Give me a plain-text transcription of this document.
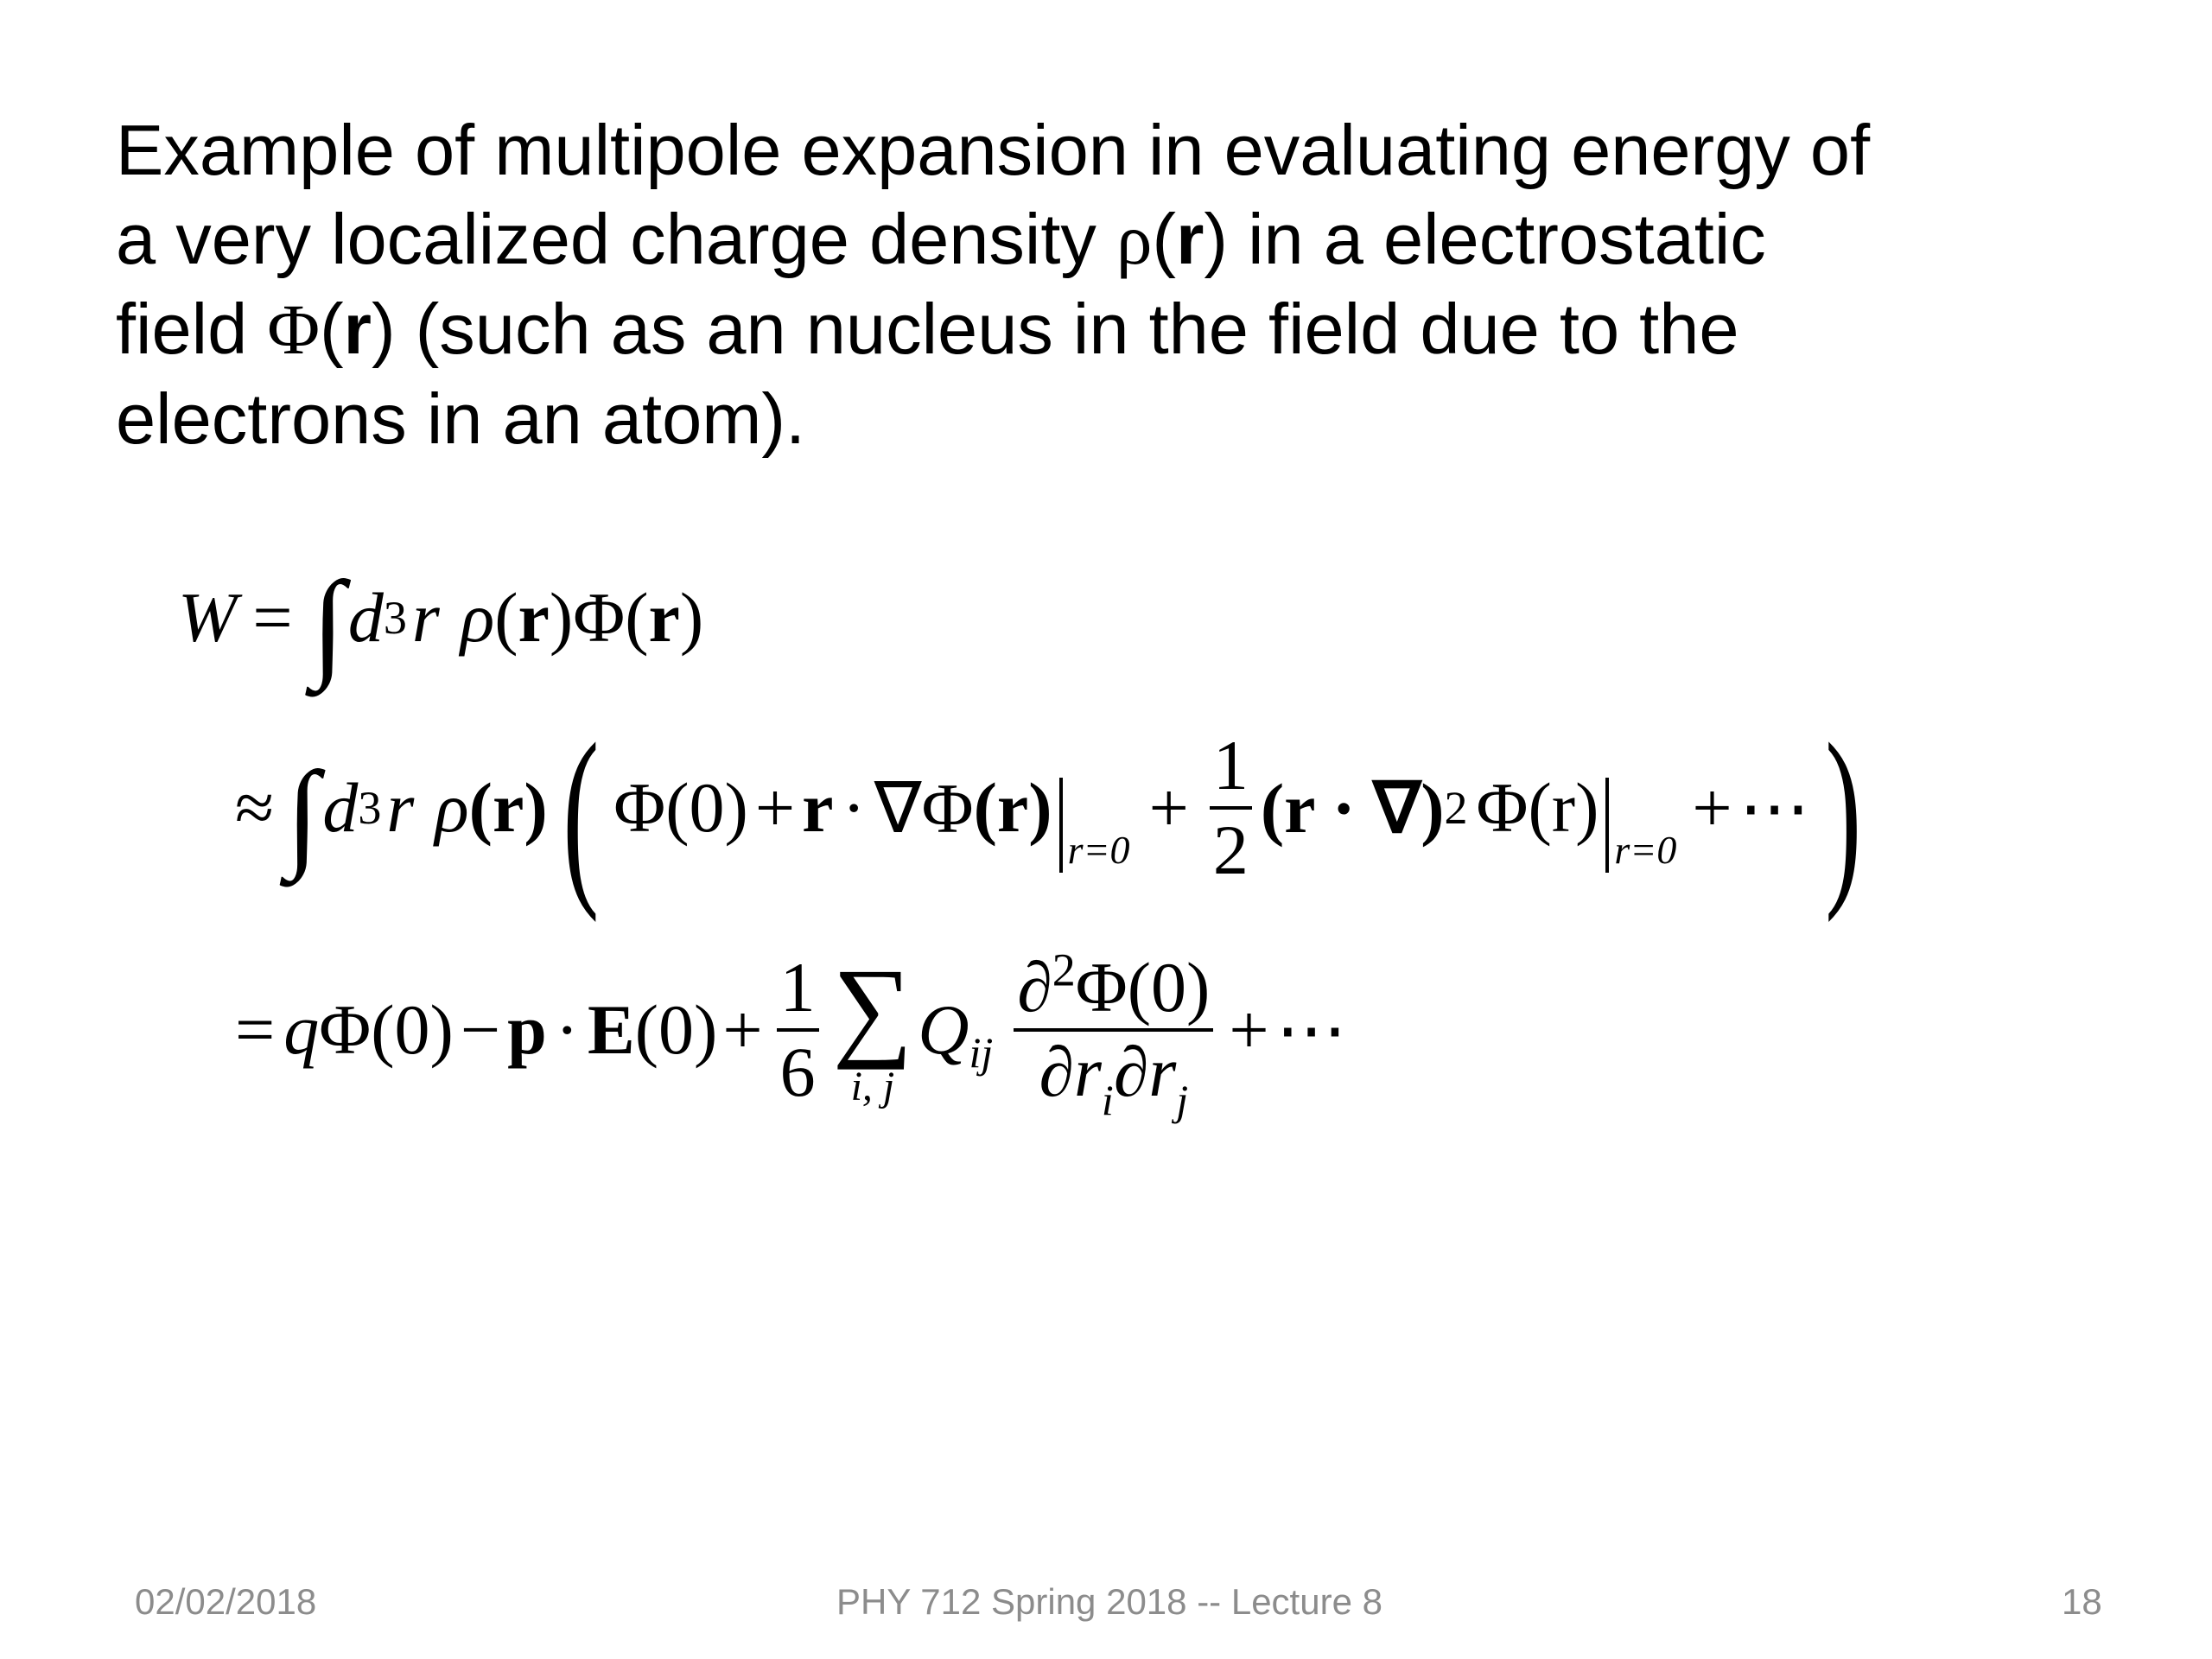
Example of multipole expansion in evaluating energy of
a very localized charge density ρ(r) in a electrostatic
field Φ(r) (such as an nucleus in the field due to the
electrons in an atom).
W = ∫ d 3 r ρ ( r ) Φ ( r )
≈ ∫ d 3 r ρ (r) ( Φ(0) + r · ∇Φ (r)
r=0
+ $\frac{1}{2} (r$ · ∇) 2 Φ(r)
r=0
+ ⋯ )
= q Φ(0) − p · E $(0) + \frac{1}{6}$ ∑
i, j
Q ij $\frac{\partial^2\Phi(0)}{\partial r_i\partial r_j}$ + ⋯
02/02/2018	PHY 712 Spring 2018 -- Lecture 8	18
